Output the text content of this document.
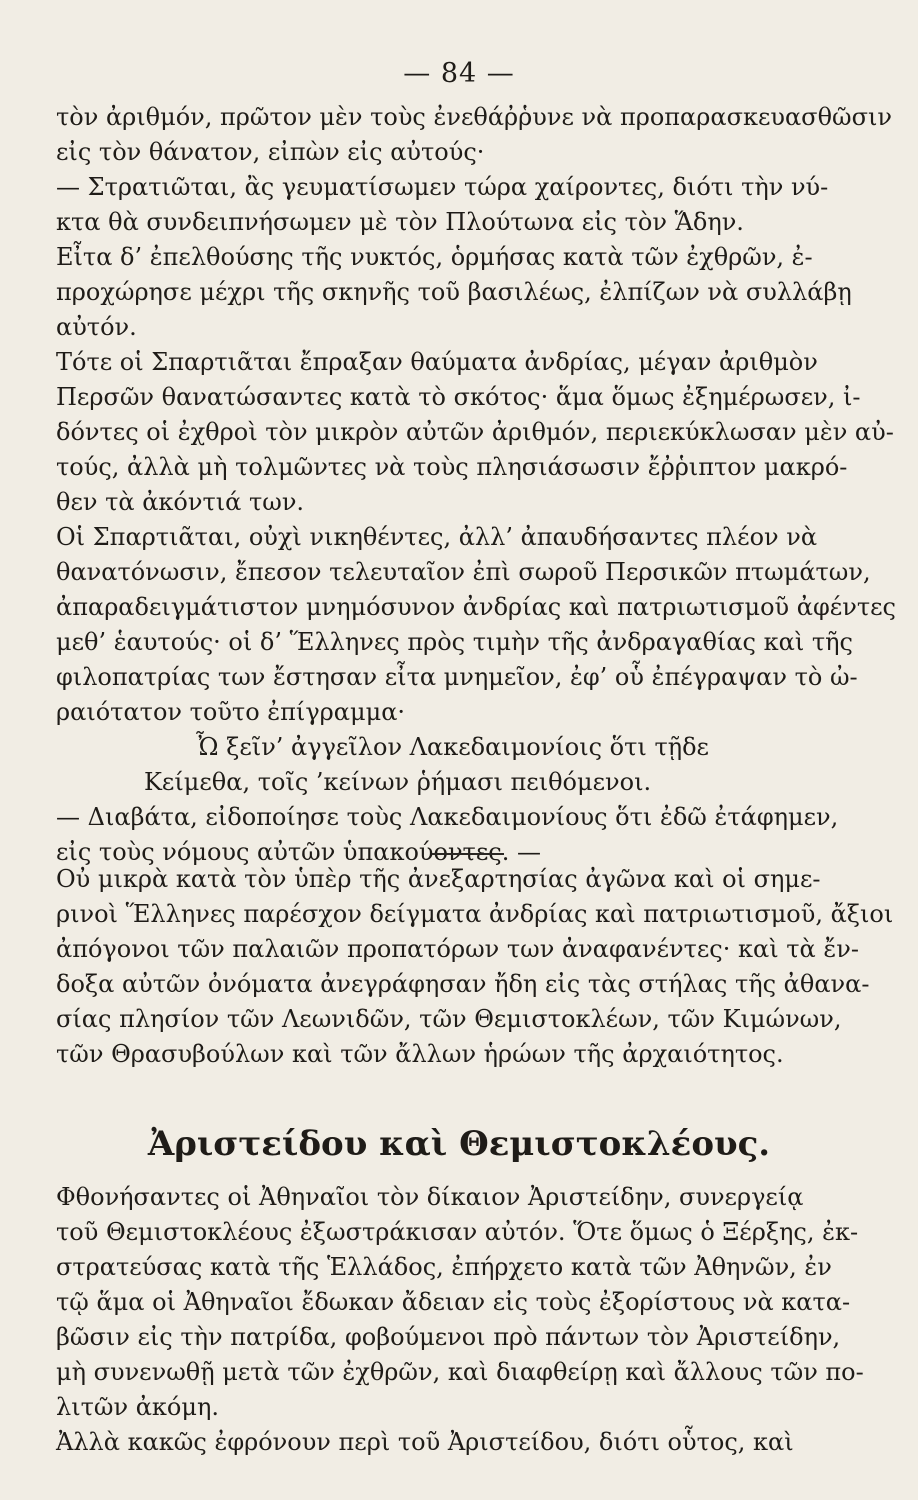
— 84 —

τὸν ἀριθμόν, πρῶτον μὲν τοὺς ἐνεθάῤῥυνε νὰ προπαρασκευασθῶσιν

εἰς τὸν θάνατον, εἰπὼν εἰς αὐτούς·

— Στρατιῶται, ἂς γευματίσωμεν τώρα χαίροντες, διότι τὴν νύ-

κτα θὰ συνδειπνήσωμεν μὲ τὸν Πλούτωνα εἰς τὸν Ἅδην.

Εἶτα δ’ ἐπελθούσης τῆς νυκτός, ὁρμήσας κατὰ τῶν ἐχθρῶν, ἐ-

προχώρησε μέχρι τῆς σκηνῆς τοῦ βασιλέως, ἐλπίζων νὰ συλλάβῃ

αὐτόν.

Τότε οἱ Σπαρτιᾶται ἔπραξαν θαύματα ἀνδρίας, μέγαν ἀριθμὸν

Περσῶν θανατώσαντες κατὰ τὸ σκότος· ἅμα ὅμως ἐξημέρωσεν, ἰ-

δόντες οἱ ἐχθροὶ τὸν μικρὸν αὐτῶν ἀριθμόν, περιεκύκλωσαν μὲν αὐ-

τούς, ἀλλὰ μὴ τολμῶντες νὰ τοὺς πλησιάσωσιν ἔῤῥιπτον μακρό-

θεν τὰ ἀκόντιά των.

Οἱ Σπαρτιᾶται, οὐχὶ νικηθέντες, ἀλλ’ ἀπαυδήσαντες πλέον νὰ

θανατόνωσιν, ἔπεσον τελευταῖον ἐπὶ σωροῦ Περσικῶν πτωμάτων,

ἀπαραδειγμάτιστον μνημόσυνον ἀνδρίας καὶ πατριωτισμοῦ ἀφέντες

μεθ’ ἑαυτούς· οἱ δ’ Ἕλληνες πρὸς τιμὴν τῆς ἀνδραγαθίας καὶ τῆς

φιλοπατρίας των ἔστησαν εἶτα μνημεῖον, ἐφ’ οὗ ἐπέγραψαν τὸ ὠ-

ραιότατον τοῦτο ἐπίγραμμα·

Ὦ ξεῖν’ ἀγγεῖλον Λακεδαιμονίοις ὅτι τῇδε

Κείμεθα, τοῖς ’κείνων ῥήμασι πειθόμενοι.

— Διαβάτα, εἰδοποίησε τοὺς Λακεδαιμονίους ὅτι ἐδῶ ἐτάφημεν,

εἰς τοὺς νόμους αὐτῶν ὑπακούοντες. —

Οὐ μικρὰ κατὰ τὸν ὑπὲρ τῆς ἀνεξαρτησίας ἀγῶνα καὶ οἱ σημε-

ρινοὶ Ἕλληνες παρέσχον δείγματα ἀνδρίας καὶ πατριωτισμοῦ, ἄξιοι

ἀπόγονοι τῶν παλαιῶν προπατόρων των ἀναφανέντες· καὶ τὰ ἔν-

δοξα αὐτῶν ὀνόματα ἀνεγράφησαν ἤδη εἰς τὰς στήλας τῆς ἀθανα-

σίας πλησίον τῶν Λεωνιδῶν, τῶν Θεμιστοκλέων, τῶν Κιμώνων,

τῶν Θρασυβούλων καὶ τῶν ἄλλων ἡρώων τῆς ἀρχαιότητος.

Ἀριστείδου καὶ Θεμιστοκλέους.

Φθονήσαντες οἱ Ἀθηναῖοι τὸν δίκαιον Ἀριστείδην, συνεργείᾳ

τοῦ Θεμιστοκλέους ἐξωστράκισαν αὐτόν. Ὅτε ὅμως ὁ Ξέρξης, ἐκ-

στρατεύσας κατὰ τῆς Ἑλλάδος, ἐπήρχετο κατὰ τῶν Ἀθηνῶν, ἐν

τῷ ἅμα οἱ Ἀθηναῖοι ἔδωκαν ἄδειαν εἰς τοὺς ἐξορίστους νὰ κατα-

βῶσιν εἰς τὴν πατρίδα, φοβούμενοι πρὸ πάντων τὸν Ἀριστείδην,

μὴ συνενωθῇ μετὰ τῶν ἐχθρῶν, καὶ διαφθείρῃ καὶ ἄλλους τῶν πο-

λιτῶν ἀκόμη.

Ἀλλὰ κακῶς ἐφρόνουν περὶ τοῦ Ἀριστείδου, διότι οὗτος, καὶ
